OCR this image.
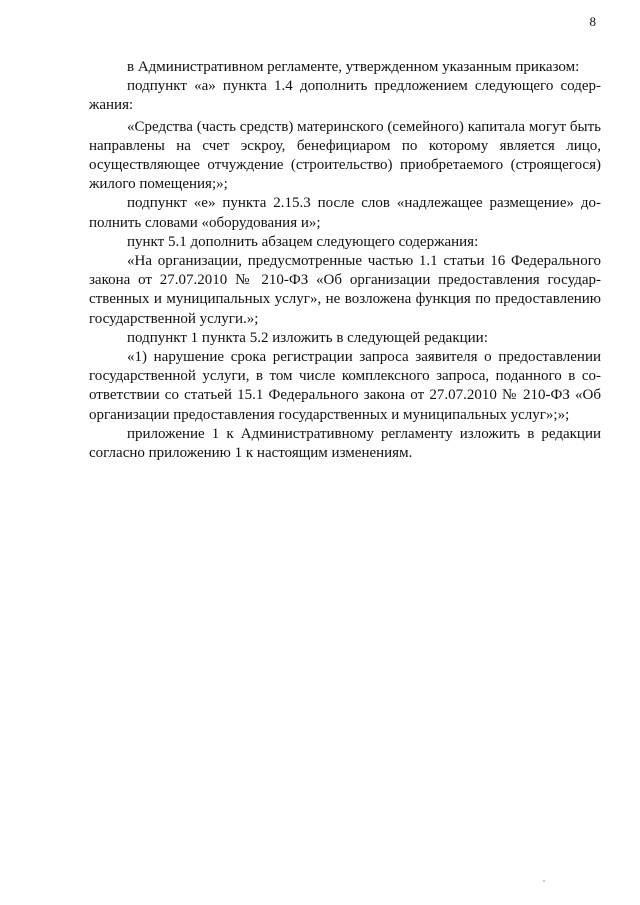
8

в Административном регламенте, утвержденном указанным приказом:

подпункт «а» пункта 1.4 дополнить предложением следующего содержания:

«Средства (часть средств) материнского (семейного) капитала могут быть направлены на счет эскроу, бенефициаром по которому является лицо, осуществляющее отчуждение (строительство) приобретаемого (строящегося) жилого помещения;»;

подпункт «е» пункта 2.15.3 после слов «надлежащее размещение» дополнить словами «оборудования и»;

пункт 5.1 дополнить абзацем следующего содержания:

«На организации, предусмотренные частью 1.1 статьи 16 Федерального закона от 27.07.2010 № 210-ФЗ «Об организации предоставления государственных и муниципальных услуг», не возложена функция по предоставлению государственной услуги.»;

подпункт 1 пункта 5.2 изложить в следующей редакции:

«1) нарушение срока регистрации запроса заявителя о предоставлении государственной услуги, в том числе комплексного запроса, поданного в соответствии со статьей 15.1 Федерального закона от 27.07.2010 № 210-ФЗ «Об организации предоставления государственных и муниципальных услуг»;»;

приложение 1 к Административному регламенту изложить в редакции согласно приложению 1 к настоящим изменениям.
